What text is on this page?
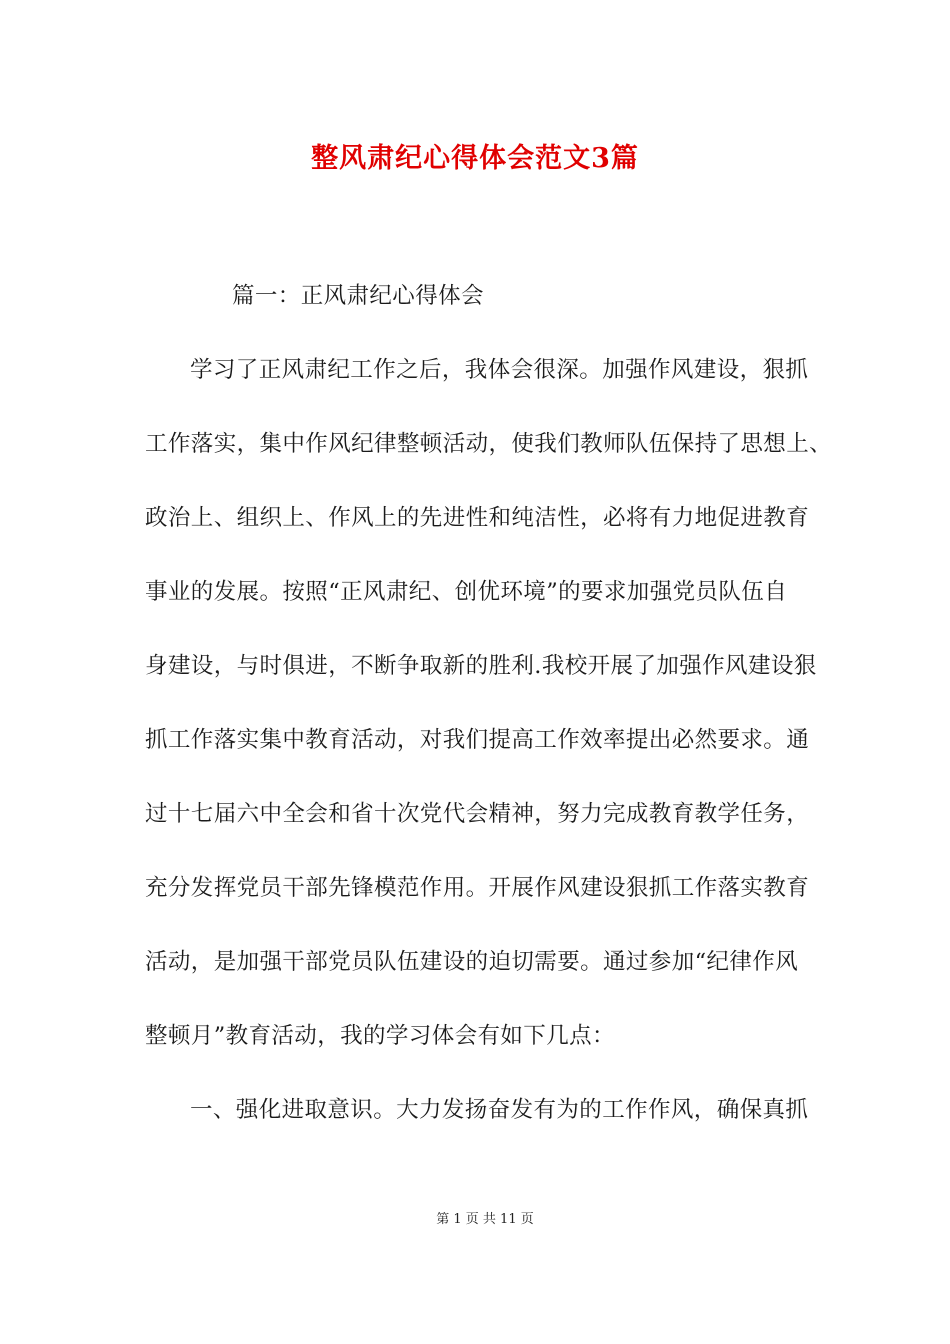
整风肃纪心得体会范文3篇
篇一：正风肃纪心得体会
学习了正风肃纪工作之后，我体会很深。加强作风建设，狠抓
工作落实，集中作风纪律整顿活动，使我们教师队伍保持了思想上、
政治上、组织上、作风上的先进性和纯洁性，必将有力地促进教育
事业的发展。按照“正风肃纪、创优环境”的要求加强党员队伍自
身建设，与时俱进，不断争取新的胜利.我校开展了加强作风建设狠
抓工作落实集中教育活动，对我们提高工作效率提出必然要求。通
过十七届六中全会和省十次党代会精神，努力完成教育教学任务，
充分发挥党员干部先锋模范作用。开展作风建设狠抓工作落实教育
活动，是加强干部党员队伍建设的迫切需要。通过参加“纪律作风
整顿月”教育活动，我的学习体会有如下几点：
一、强化进取意识。大力发扬奋发有为的工作作风，确保真抓
第 1 页 共 11 页
